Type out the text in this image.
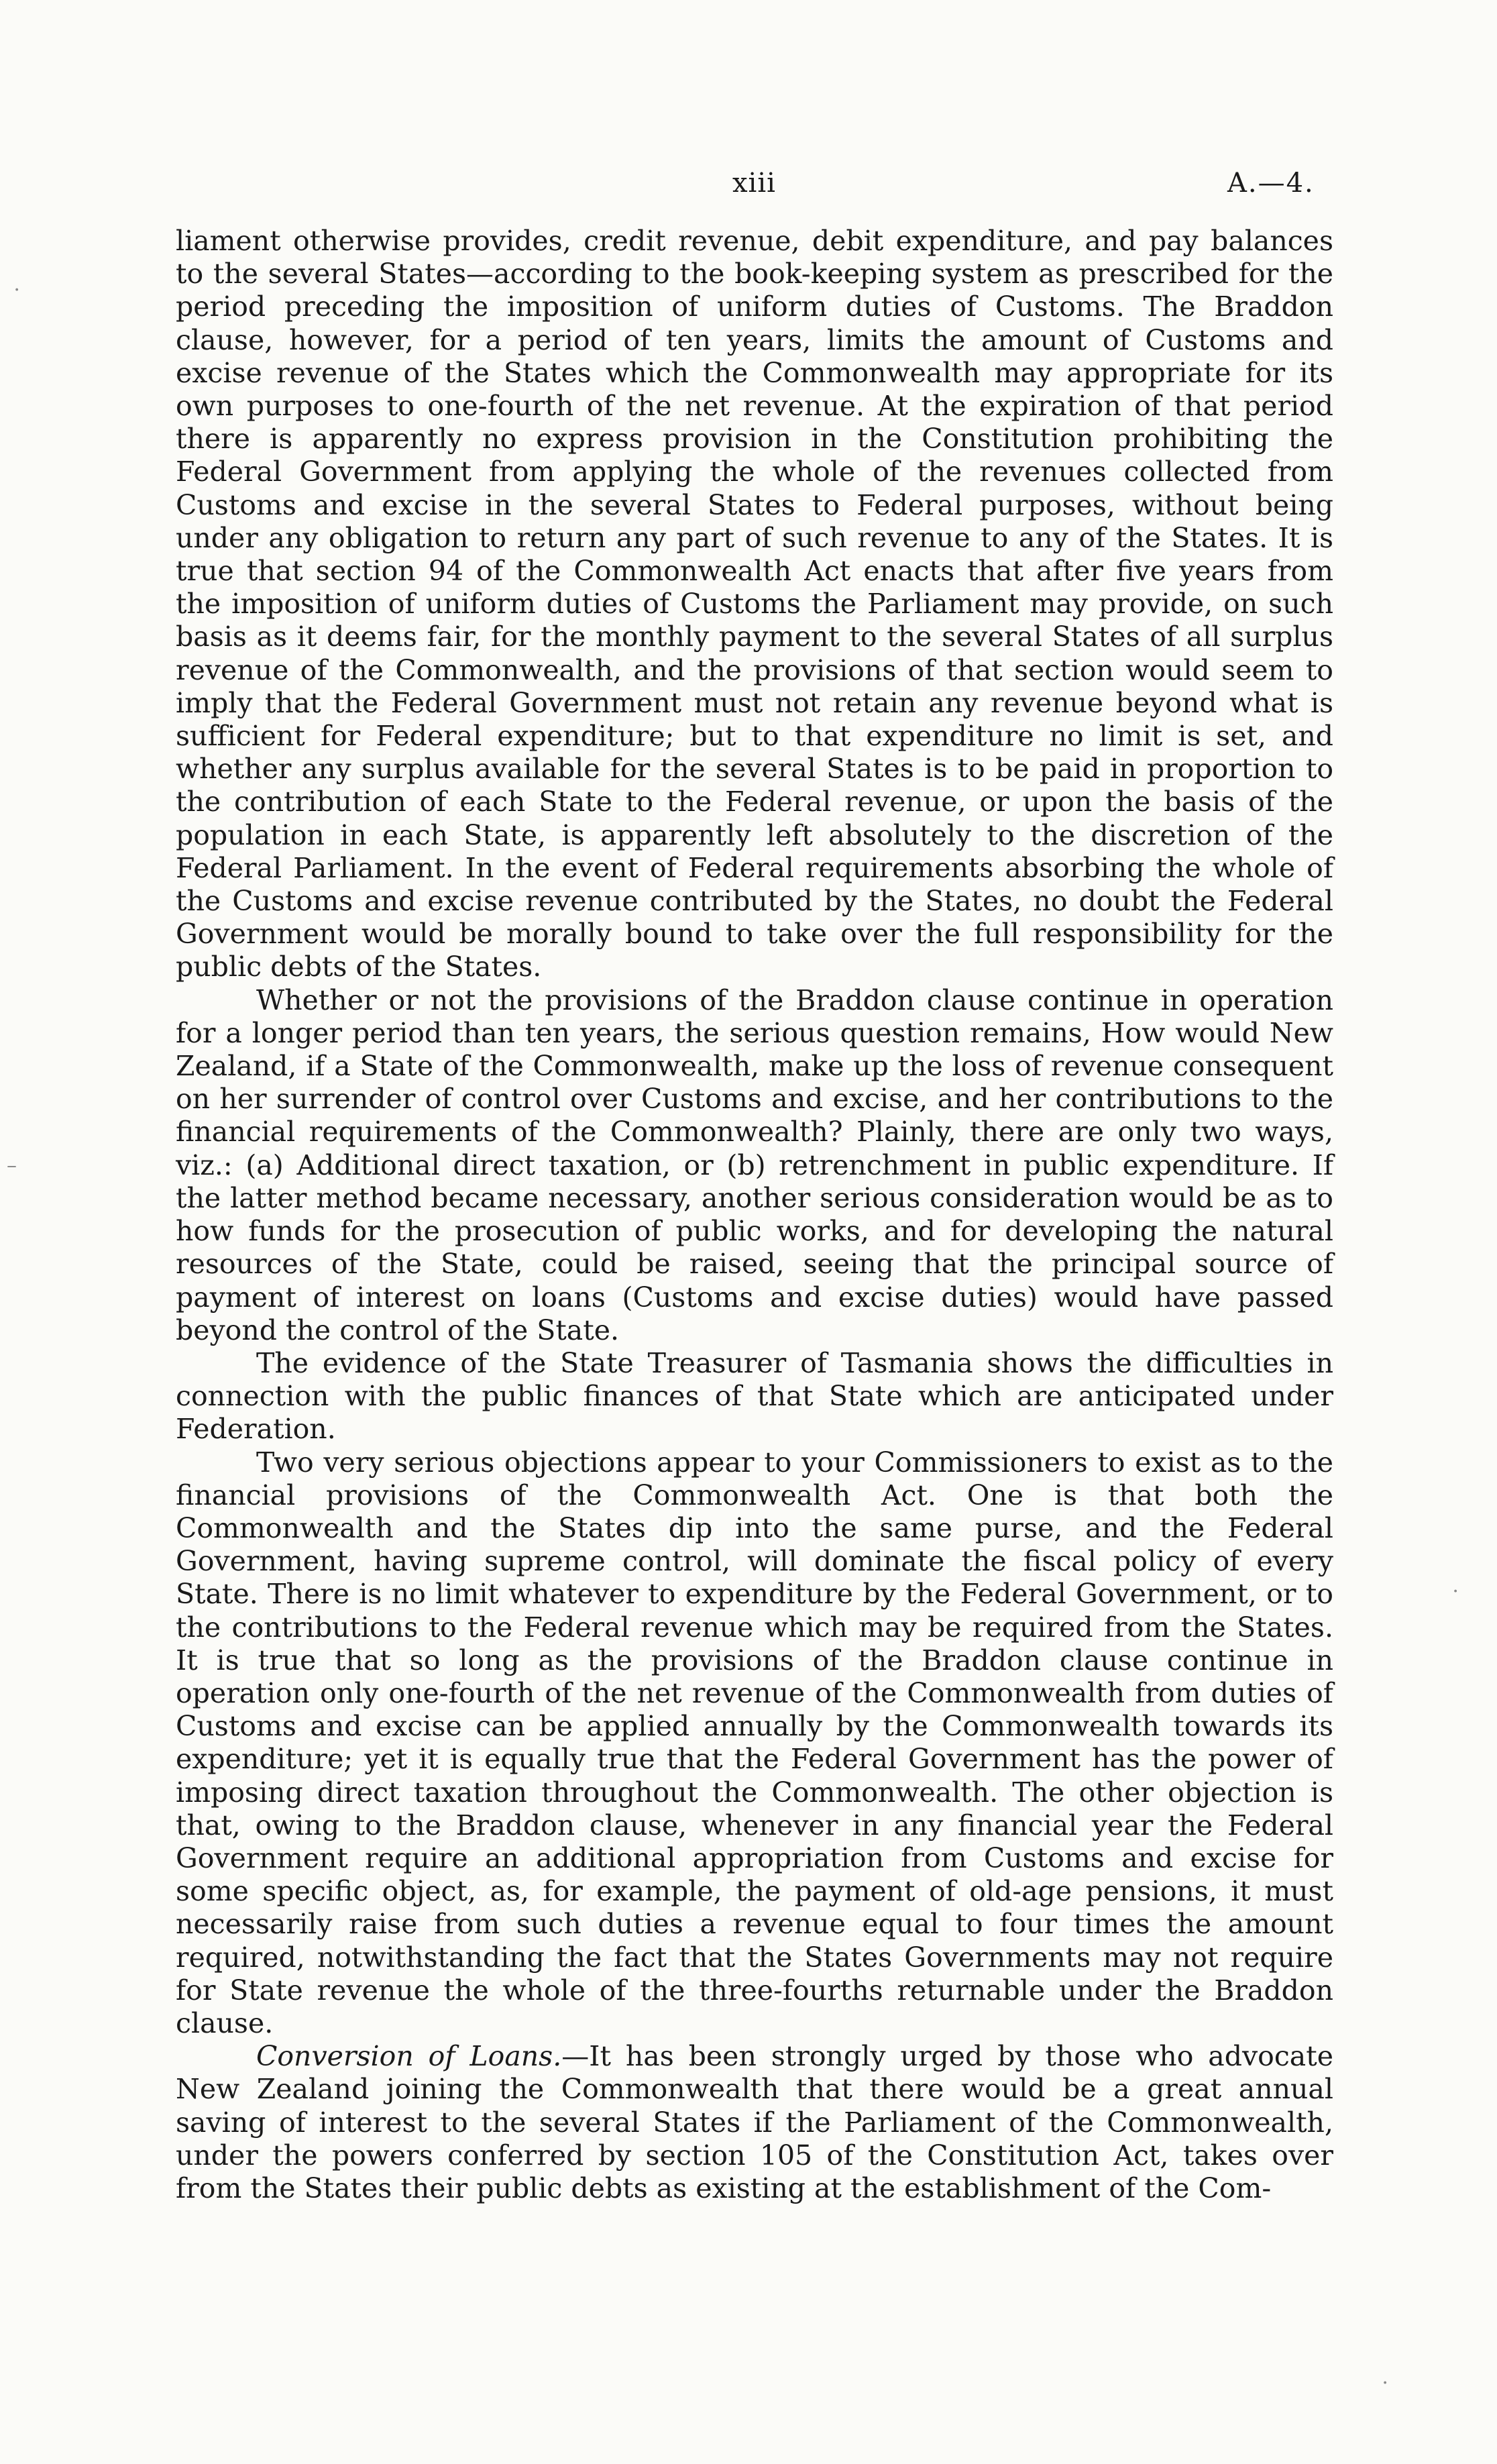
xiii	A.—4.
⋅
–
⋅
⋅

liament otherwise provides, credit revenue, debit expenditure, and pay balances to the several States—according to the book-keeping system as prescribed for the period preceding the imposition of uniform duties of Customs. The Braddon clause, however, for a period of ten years, limits the amount of Customs and excise revenue of the States which the Commonwealth may appropriate for its own purposes to one-fourth of the net revenue. At the expiration of that period there is apparently no express provision in the Constitution prohibiting the Federal Government from applying the whole of the revenues collected from Customs and excise in the several States to Federal purposes, without being under any obligation to return any part of such revenue to any of the States. It is true that section 94 of the Commonwealth Act enacts that after five years from the imposition of uniform duties of Customs the Parliament may provide, on such basis as it deems fair, for the monthly payment to the several States of all surplus revenue of the Commonwealth, and the provisions of that section would seem to imply that the Federal Government must not retain any revenue beyond what is sufficient for Federal expenditure; but to that expenditure no limit is set, and whether any surplus available for the several States is to be paid in proportion to the contribution of each State to the Federal revenue, or upon the basis of the population in each State, is apparently left absolutely to the discretion of the Federal Parliament. In the event of Federal requirements absorbing the whole of the Customs and excise revenue contributed by the States, no doubt the Federal Government would be morally bound to take over the full responsibility for the public debts of the States.

Whether or not the provisions of the Braddon clause continue in operation for a longer period than ten years, the serious question remains, How would New Zealand, if a State of the Commonwealth, make up the loss of revenue consequent on her surrender of control over Customs and excise, and her contributions to the financial requirements of the Commonwealth? Plainly, there are only two ways, viz.: (a) Additional direct taxation, or (b) retrenchment in public expenditure. If the latter method became necessary, another serious consideration would be as to how funds for the prosecution of public works, and for developing the natural resources of the State, could be raised, seeing that the principal source of payment of interest on loans (Customs and excise duties) would have passed beyond the control of the State.

The evidence of the State Treasurer of Tasmania shows the difficulties in connection with the public finances of that State which are anticipated under Federation.

Two very serious objections appear to your Commissioners to exist as to the financial provisions of the Commonwealth Act. One is that both the Commonwealth and the States dip into the same purse, and the Federal Government, having supreme control, will dominate the fiscal policy of every State. There is no limit whatever to expenditure by the Federal Government, or to the contributions to the Federal revenue which may be required from the States. It is true that so long as the provisions of the Braddon clause continue in operation only one-fourth of the net revenue of the Commonwealth from duties of Customs and excise can be applied annually by the Commonwealth towards its expenditure; yet it is equally true that the Federal Government has the power of imposing direct taxation throughout the Commonwealth. The other objection is that, owing to the Braddon clause, whenever in any financial year the Federal Government require an additional appropriation from Customs and excise for some specific object, as, for example, the payment of old-age pensions, it must necessarily raise from such duties a revenue equal to four times the amount required, notwithstanding the fact that the States Governments may not require for State revenue the whole of the three-fourths returnable under the Braddon clause.

Conversion of Loans.—It has been strongly urged by those who advocate New Zealand joining the Commonwealth that there would be a great annual saving of interest to the several States if the Parliament of the Commonwealth, under the powers conferred by section 105 of the Constitution Act, takes over from the States their public debts as existing at the establishment of the Com-
